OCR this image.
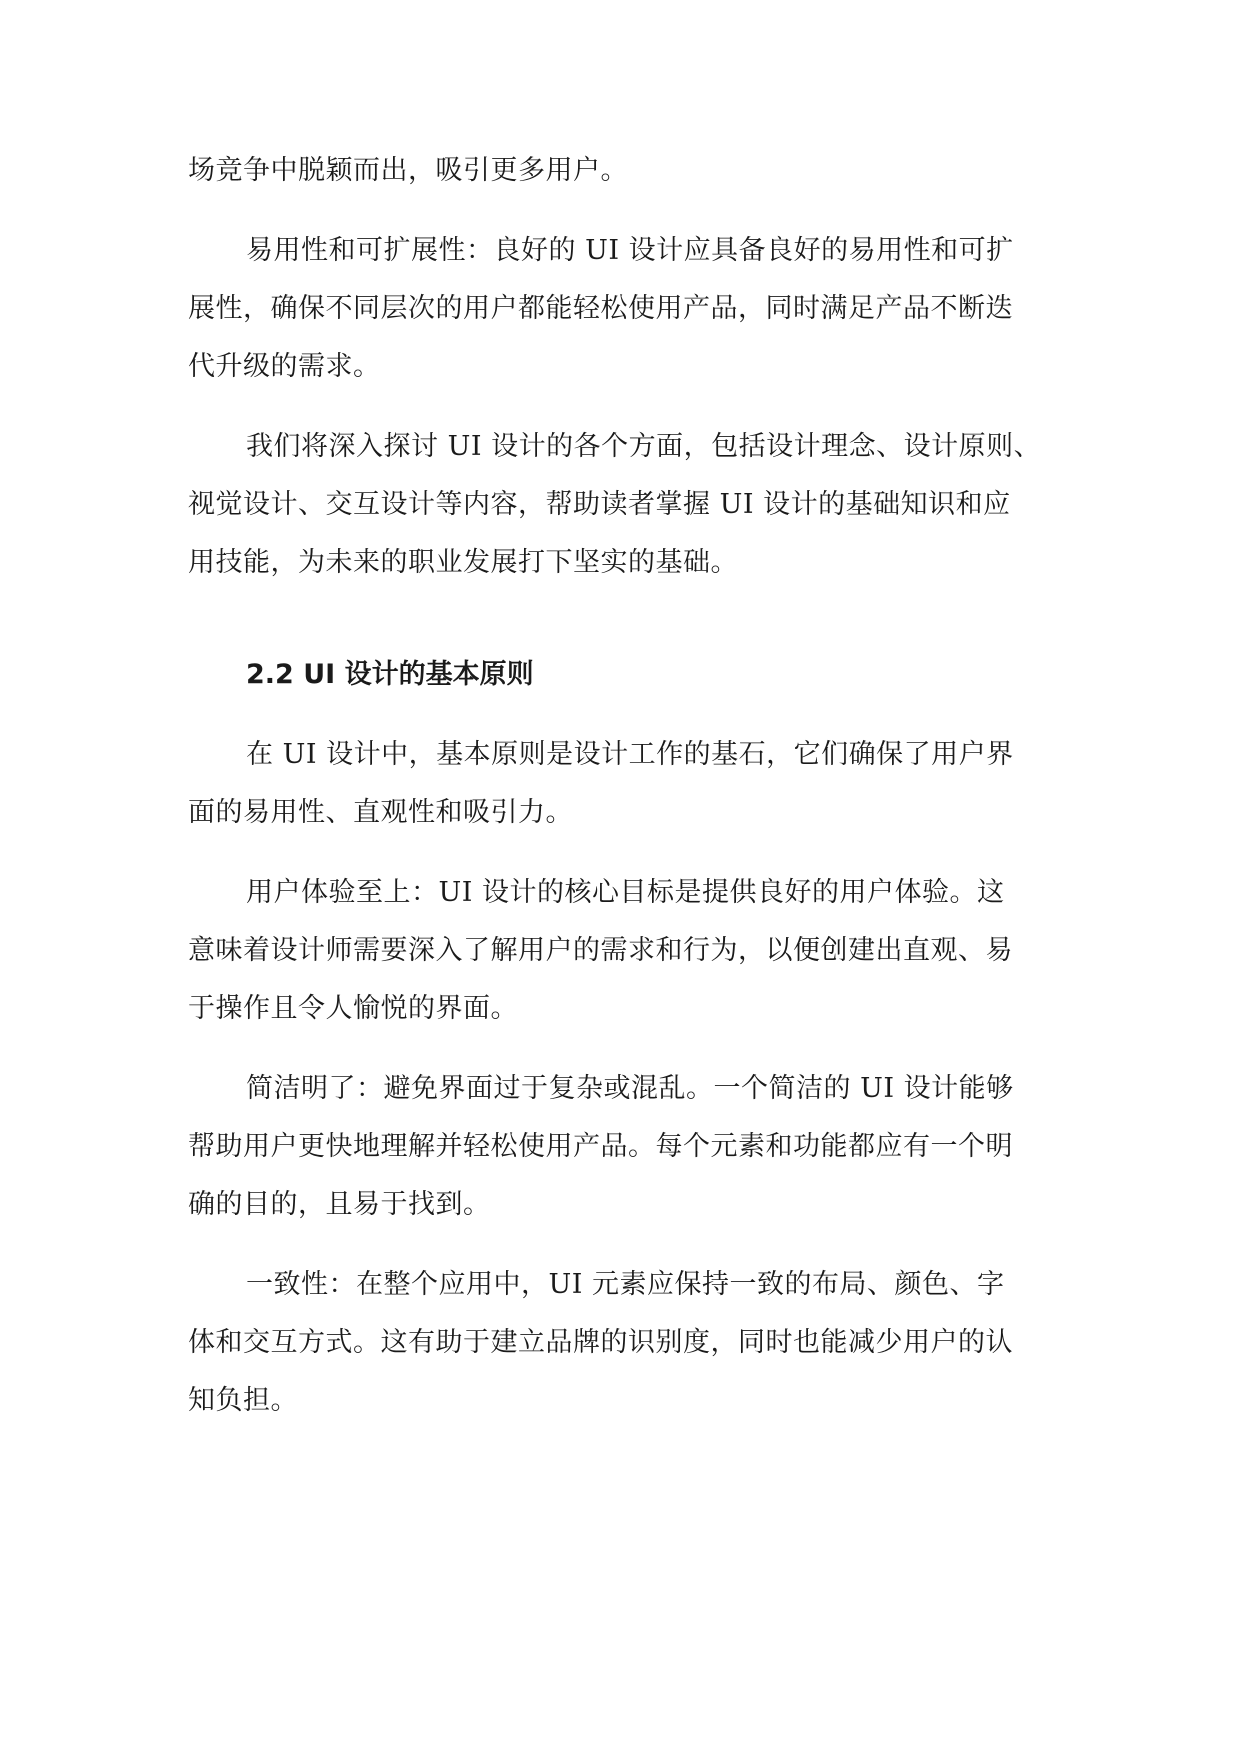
场竞争中脱颖而出，吸引更多用户。

易用性和可扩展性：良好的 UI 设计应具备良好的易用性和可扩
展性，确保不同层次的用户都能轻松使用产品，同时满足产品不断迭
代升级的需求。

我们将深入探讨 UI 设计的各个方面，包括设计理念、设计原则、
视觉设计、交互设计等内容，帮助读者掌握 UI 设计的基础知识和应
用技能，为未来的职业发展打下坚实的基础。

2.2 UI 设计的基本原则

在 UI 设计中，基本原则是设计工作的基石，它们确保了用户界
面的易用性、直观性和吸引力。

用户体验至上：UI 设计的核心目标是提供良好的用户体验。这
意味着设计师需要深入了解用户的需求和行为，以便创建出直观、易
于操作且令人愉悦的界面。

简洁明了：避免界面过于复杂或混乱。一个简洁的 UI 设计能够
帮助用户更快地理解并轻松使用产品。每个元素和功能都应有一个明
确的目的，且易于找到。

一致性：在整个应用中，UI 元素应保持一致的布局、颜色、字
体和交互方式。这有助于建立品牌的识别度，同时也能减少用户的认
知负担。
